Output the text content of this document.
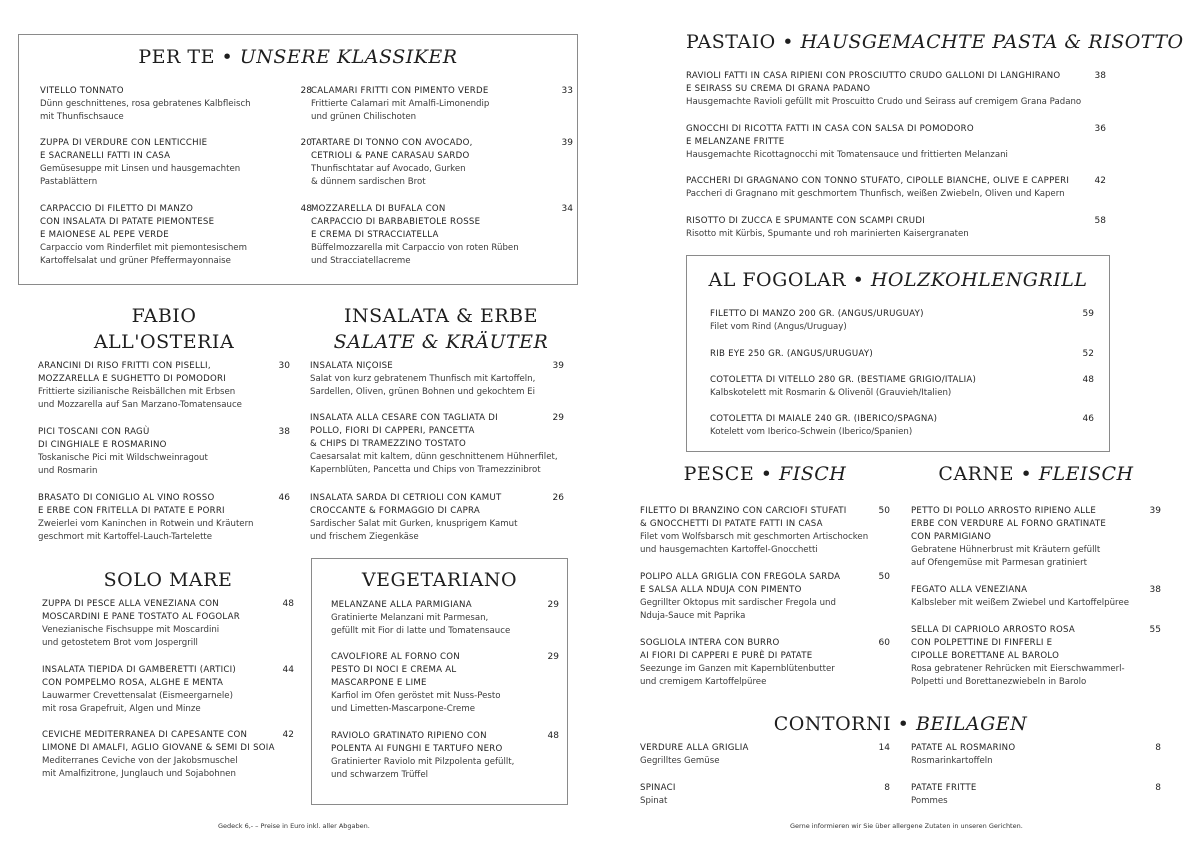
PER TE • UNSERE KLASSIKER
VITELLO TONNATO
Dünn geschnittenes, rosa gebratenes Kalbfleisch
mit Thunfischsauce
28
ZUPPA DI VERDURE CON LENTICCHIE
E SACRANELLI FATTI IN CASA
Gemüsesuppe mit Linsen und hausgemachten
Pastablättern
20
CARPACCIO DI FILETTO DI MANZO
CON INSALATA DI PATATE PIEMONTESE
E MAIONESE AL PEPE VERDE
Carpaccio vom Rinderfilet mit piemontesischem
Kartoffelsalat und grüner Pfeffermayonnaise
48
CALAMARI FRITTI CON PIMENTO VERDE
Frittierte Calamari mit Amalfi-Limonendip
und grünen Chilischoten
33
TARTARE DI TONNO CON AVOCADO,
CETRIOLI & PANE CARASAU SARDO
Thunfischtatar auf Avocado, Gurken
& dünnem sardischen Brot
39
MOZZARELLA DI BUFALA CON
CARPACCIO DI BARBABIETOLE ROSSE
E CREMA DI STRACCIATELLA
Büffelmozzarella mit Carpaccio von roten Rüben
und Stracciatellacreme
34
FABIO
ALL'OSTERIA
ARANCINI DI RISO FRITTI CON PISELLI,
MOZZARELLA E SUGHETTO DI POMODORI
Frittierte sizilianische Reisbällchen mit Erbsen
und Mozzarella auf San Marzano-Tomatensauce
30
PICI TOSCANI CON RAGÙ
DI CINGHIALE E ROSMARINO
Toskanische Pici mit Wildschweinragout
und Rosmarin
38
BRASATO DI CONIGLIO AL VINO ROSSO
E ERBE CON FRITELLA DI PATATE E PORRI
Zweierlei vom Kaninchen in Rotwein und Kräutern
geschmort mit Kartoffel-Lauch-Tartelette
46
INSALATA & ERBE
SALATE & KRÄUTER
INSALATA NIÇOISE
Salat von kurz gebratenem Thunfisch mit Kartoffeln,
Sardellen, Oliven, grünen Bohnen und gekochtem Ei
39
INSALATA ALLA CESARE CON TAGLIATA DI
POLLO, FIORI DI CAPPERI, PANCETTA
& CHIPS DI TRAMEZZINO TOSTATO
Caesarsalat mit kaltem, dünn geschnittenem Hühnerfilet,
Kapernblüten, Pancetta und Chips von Tramezzinibrot
29
INSALATA SARDA DI CETRIOLI CON KAMUT
CROCCANTE & FORMAGGIO DI CAPRA
Sardischer Salat mit Gurken, knusprigem Kamut
und frischem Ziegenkäse
26
SOLO MARE
ZUPPA DI PESCE ALLA VENEZIANA CON
MOSCARDINI E PANE TOSTATO AL FOGOLAR
Venezianische Fischsuppe mit Moscardini
und getostetem Brot vom Jospergrill
48
INSALATA TIEPIDA DI GAMBERETTI (ARTICI)
CON POMPELMO ROSA, ALGHE E MENTA
Lauwarmer Crevettensalat (Eismeergarnele)
mit rosa Grapefruit, Algen und Minze
44
CEVICHE MEDITERRANEA DI CAPESANTE CON
LIMONE DI AMALFI, AGLIO GIOVANE & SEMI DI SOIA
Mediterranes Ceviche von der Jakobsmuschel
mit Amalfizitrone, Junglauch und Sojabohnen
42
VEGETARIANO
MELANZANE ALLA PARMIGIANA
Gratinierte Melanzani mit Parmesan,
gefüllt mit Fior di latte und Tomatensauce
29
CAVOLFIORE AL FORNO CON
PESTO DI NOCI E CREMA AL
MASCARPONE E LIME
Karfiol im Ofen geröstet mit Nuss-Pesto
und Limetten-Mascarpone-Creme
29
RAVIOLO GRATINATO RIPIENO CON
POLENTA AI FUNGHI E TARTUFO NERO
Gratinierter Raviolo mit Pilzpolenta gefüllt,
und schwarzem Trüffel
48
Gedeck 6,- – Preise in Euro inkl. aller Abgaben.
PASTAIO • HAUSGEMACHTE PASTA & RISOTTO
RAVIOLI FATTI IN CASA RIPIENI CON PROSCIUTTO CRUDO GALLONI DI LANGHIRANO
E SEIRASS SU CREMA DI GRANA PADANO
Hausgemachte Ravioli gefüllt mit Proscuitto Crudo und Seirass auf cremigem Grana Padano
38
GNOCCHI DI RICOTTA FATTI IN CASA CON SALSA DI POMODORO
E MELANZANE FRITTE
Hausgemachte Ricottagnocchi mit Tomatensauce und frittierten Melanzani
36
PACCHERI DI GRAGNANO CON TONNO STUFATO, CIPOLLE BIANCHE, OLIVE E CAPPERI
Paccheri di Gragnano mit geschmortem Thunfisch, weißen Zwiebeln, Oliven und Kapern
42
RISOTTO DI ZUCCA E SPUMANTE CON SCAMPI CRUDI
Risotto mit Kürbis, Spumante und roh marinierten Kaisergranaten
58
AL FOGOLAR • HOLZKOHLENGRILL
FILETTO DI MANZO 200 GR. (ANGUS/URUGUAY)
Filet vom Rind (Angus/Uruguay)
59
RIB EYE 250 GR. (ANGUS/URUGUAY)	52
COTOLETTA DI VITELLO 280 GR. (BESTIAME GRIGIO/ITALIA)
Kalbskotelett mit Rosmarin & Olivenöl (Grauvieh/Italien)
48
COTOLETTA DI MAIALE 240 GR. (IBERICO/SPAGNA)
Kotelett vom Iberico-Schwein (Iberico/Spanien)
46
PESCE • FISCH
FILETTO DI BRANZINO CON CARCIOFI STUFATI
& GNOCCHETTI DI PATATE FATTI IN CASA
Filet vom Wolfsbarsch mit geschmorten Artischocken
und hausgemachten Kartoffel-Gnocchetti
50
POLIPO ALLA GRIGLIA CON FREGOLA SARDA
E SALSA ALLA NDUJA CON PIMENTO
Gegrillter Oktopus mit sardischer Fregola und
Nduja-Sauce mit Paprika
50
SOGLIOLA INTERA CON BURRO
AI FIORI DI CAPPERI E PURÈ DI PATATE
Seezunge im Ganzen mit Kapernblütenbutter
und cremigem Kartoffelpüree
60
CARNE • FLEISCH
PETTO DI POLLO ARROSTO RIPIENO ALLE
ERBE CON VERDURE AL FORNO GRATINATE
CON PARMIGIANO
Gebratene Hühnerbrust mit Kräutern gefüllt
auf Ofengemüse mit Parmesan gratiniert
39
FEGATO ALLA VENEZIANA
Kalbsleber mit weißem Zwiebel und Kartoffelpüree
38
SELLA DI CAPRIOLO ARROSTO ROSA
CON POLPETTINE DI FINFERLI E
CIPOLLE BORETTANE AL BAROLO
Rosa gebratener Rehrücken mit Eierschwammerl-
Polpetti und Borettanezwiebeln in Barolo
55
CONTORNI • BEILAGEN
VERDURE ALLA GRIGLIA
Gegrilltes Gemüse
14
SPINACI
Spinat
8
PATATE AL ROSMARINO
Rosmarinkartoffeln
8
PATATE FRITTE
Pommes
8
Gerne informieren wir Sie über allergene Zutaten in unseren Gerichten.
